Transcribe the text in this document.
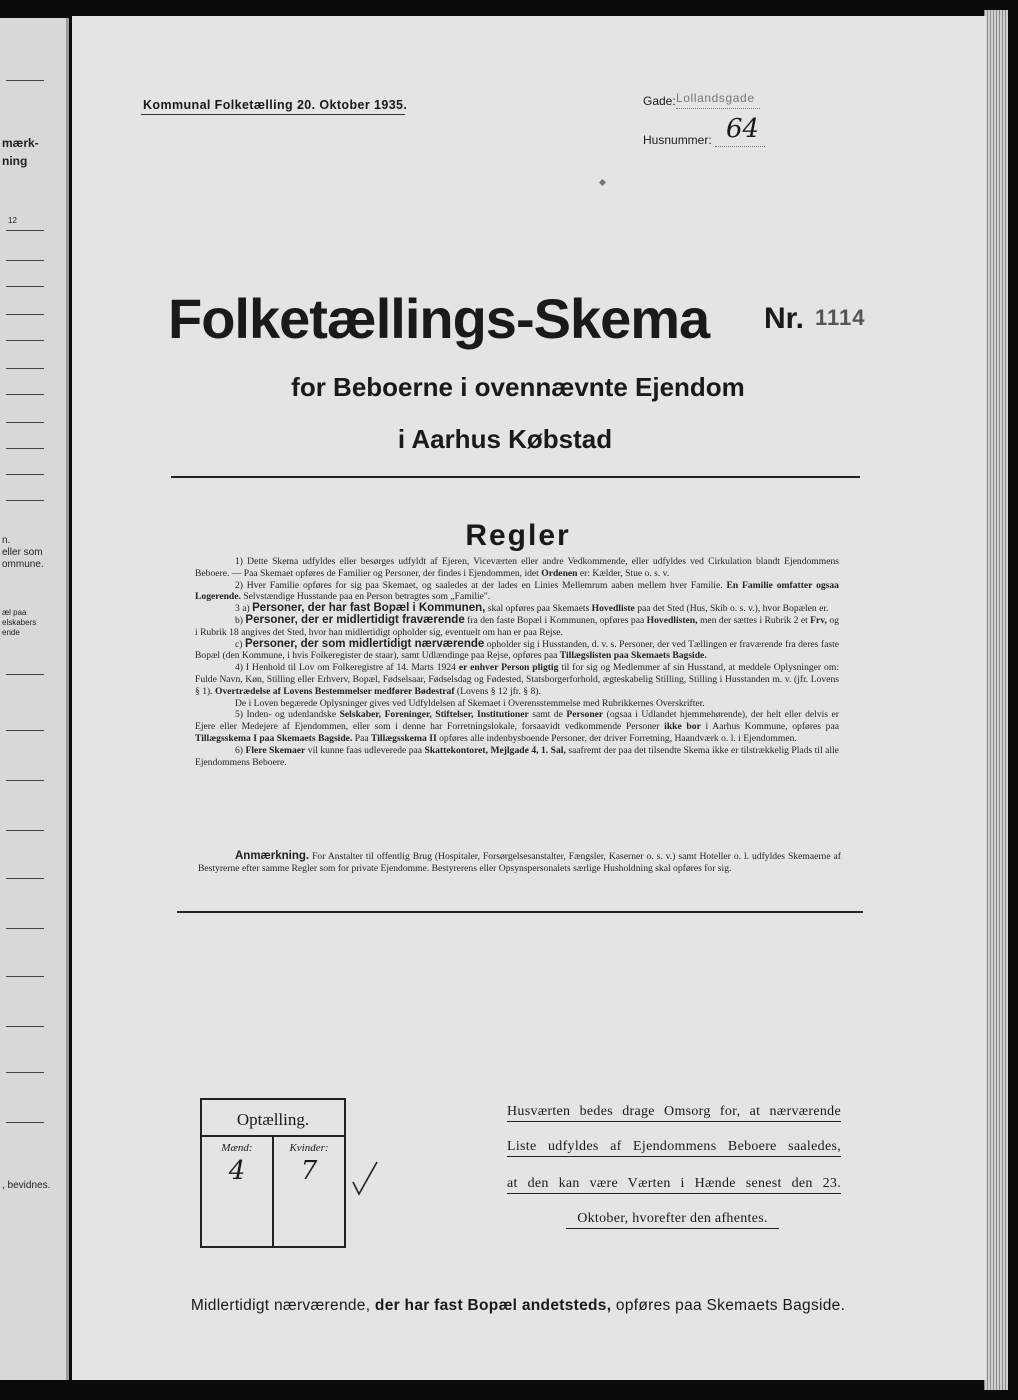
mærk-
ning
12
n.
eller som
ommune.
æl paa
elskabers
ende
, bevidnes.
Kommunal Folketælling 20. Oktober 1935.	Gade: Lollandsgade
Husnummer: 64
Folketællings-Skema Nr. 1114
for Beboerne i ovennævnte Ejendom
i Aarhus Købstad
Regler

1) Dette Skema udfyldes eller besørges udfyldt af Ejeren, Viceværten eller andre Vedkommende, eller udfyldes ved Cirkulation blandt Ejendommens Beboere. — Paa Skemaet opføres de Familier og Personer, der findes i Ejendommen, idet Ordenen er: Kælder, Stue o. s. v.

2) Hver Familie opføres for sig paa Skemaet, og saaledes at der lades en Linies Mellemrum aaben mellem hver Familie. En Familie omfatter ogsaa Logerende. Selvstændige Husstande paa en Person betragtes som „Familie".

3 a) Personer, der har fast Bopæl i Kommunen, skal opføres paa Skemaets Hovedliste paa det Sted (Hus, Skib o. s. v.), hvor Bopælen er.

b) Personer, der er midlertidigt fraværende fra den faste Bopæl i Kommunen, opføres paa Hovedlisten, men der sættes i Rubrik 2 et Frv, og i Rubrik 18 angives det Sted, hvor han midlertidigt opholder sig, eventuelt om han er paa Rejse.

c) Personer, der som midlertidigt nærværende opholder sig i Husstanden, d. v. s. Personer, der ved Tællingen er fraværende fra deres faste Bopæl (den Kommune, i hvis Folkeregister de staar), samt Udlændinge paa Rejse, opføres paa Tillægslisten paa Skemaets Bagside.

4) I Henhold til Lov om Folkeregistre af 14. Marts 1924 er enhver Person pligtig til for sig og Medlemmer af sin Husstand, at meddele Oplysninger om: Fulde Navn, Køn, Stilling eller Erhverv, Bopæl, Fødselsaar, Fødselsdag og Fødested, Statsborgerforhold, ægteskabelig Stilling, Stilling i Husstanden m. v. (jfr. Lovens § 1). Overtrædelse af Lovens Bestemmelser medfører Bødestraf (Lovens § 12 jfr. § 8).

De i Loven begærede Oplysninger gives ved Udfyldelsen af Skemaet i Overensstemmelse med Rubrikkernes Overskrifter.

5) Inden- og udenlandske Selskaber, Foreninger, Stiftelser, Institutioner samt de Personer (ogsaa i Udlandet hjemmehørende), der helt eller delvis er Ejere eller Medejere af Ejendommen, eller som i denne har Forretningslokale, forsaavidt vedkommende Personer ikke bor i Aarhus Kommune, opføres paa Tillægsskema I paa Skemaets Bagside. Paa Tillægsskema II opføres alle indenbysboende Personer, der driver Forretning, Haandværk o. l. i Ejendommen.

6) Flere Skemaer vil kunne faas udleverede paa Skattekontoret, Mejlgade 4, 1. Sal, saafremt der paa det tilsendte Skema ikke er tilstrækkelig Plads til alle Ejendommens Beboere.

Anmærkning. For Anstalter til offentlig Brug (Hospitaler, Forsørgelsesanstalter, Fængsler, Kaserner o. s. v.) samt Hoteller o. l. udfyldes Skemaerne af Bestyrerne efter samme Regler som for private Ejendomme. Bestyrerens eller Opsynspersonalets særlige Husholdning skal opføres for sig.

Optælling.
Mænd:	Kvinder:
4	7
Husværten bedes drage Omsorg for, at nærværende
Liste udfyldes af Ejendommens Beboere saaledes,
at den kan være Værten i Hænde senest den 23.
Oktober, hvorefter den afhentes.
Midlertidigt nærværende, der har fast Bopæl andetsteds, opføres paa Skemaets Bagside.
